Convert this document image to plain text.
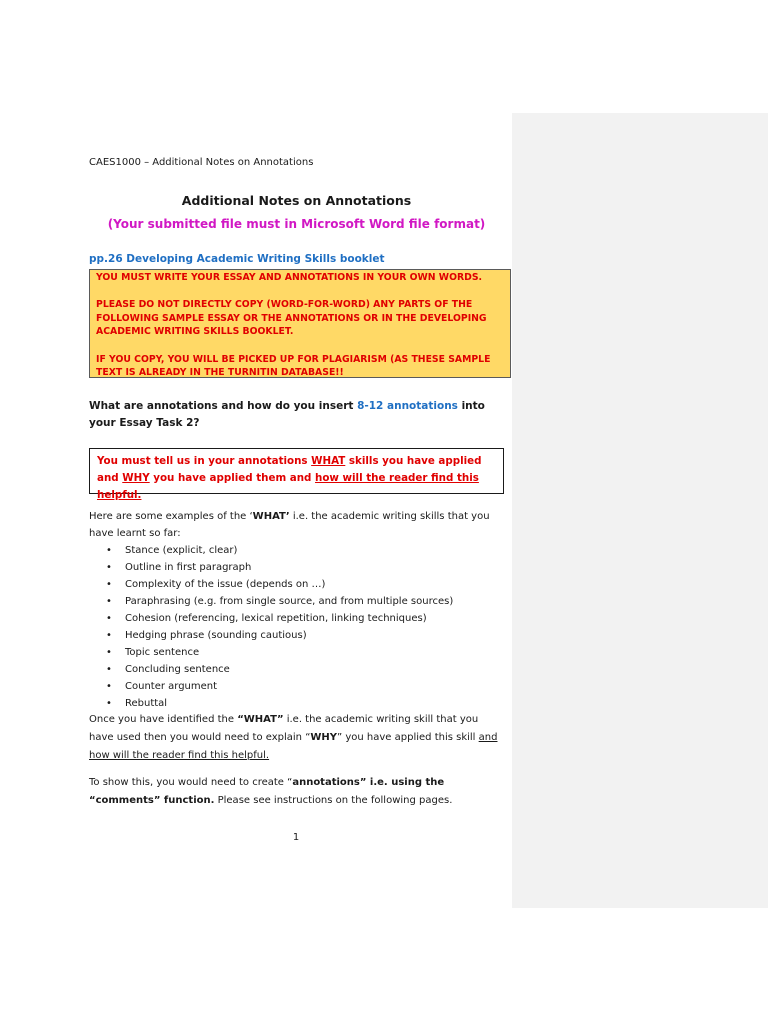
CAES1000 – Additional Notes on Annotations
Additional Notes on Annotations
(Your submitted file must in Microsoft Word file format)
pp.26 Developing Academic Writing Skills booklet

YOU MUST WRITE YOUR ESSAY AND ANNOTATIONS IN YOUR OWN WORDS.

PLEASE DO NOT DIRECTLY COPY (WORD-FOR-WORD) ANY PARTS OF THE FOLLOWING SAMPLE ESSAY OR THE ANNOTATIONS OR IN THE DEVELOPING ACADEMIC WRITING SKILLS BOOKLET.

IF YOU COPY, YOU WILL BE PICKED UP FOR PLAGIARISM (AS THESE SAMPLE TEXT IS ALREADY IN THE TURNITIN DATABASE!!

What are annotations and how do you insert 8-12 annotations into your Essay Task 2?
You must tell us in your annotations WHAT skills you have applied and WHY you have applied them and how will the reader find this helpful.
Here are some examples of the ‘WHAT’ i.e. the academic writing skills that you have learnt so far:
• Stance (explicit, clear)
• Outline in first paragraph
• Complexity of the issue (depends on …)
• Paraphrasing (e.g. from single source, and from multiple sources)
• Cohesion (referencing, lexical repetition, linking techniques)
• Hedging phrase (sounding cautious)
• Topic sentence
• Concluding sentence
• Counter argument
• Rebuttal
Once you have identified the “WHAT” i.e. the academic writing skill that you have used then you would need to explain “WHY” you have applied this skill and how will the reader find this helpful.
To show this, you would need to create “annotations” i.e. using the “comments” function. Please see instructions on the following pages.
1
